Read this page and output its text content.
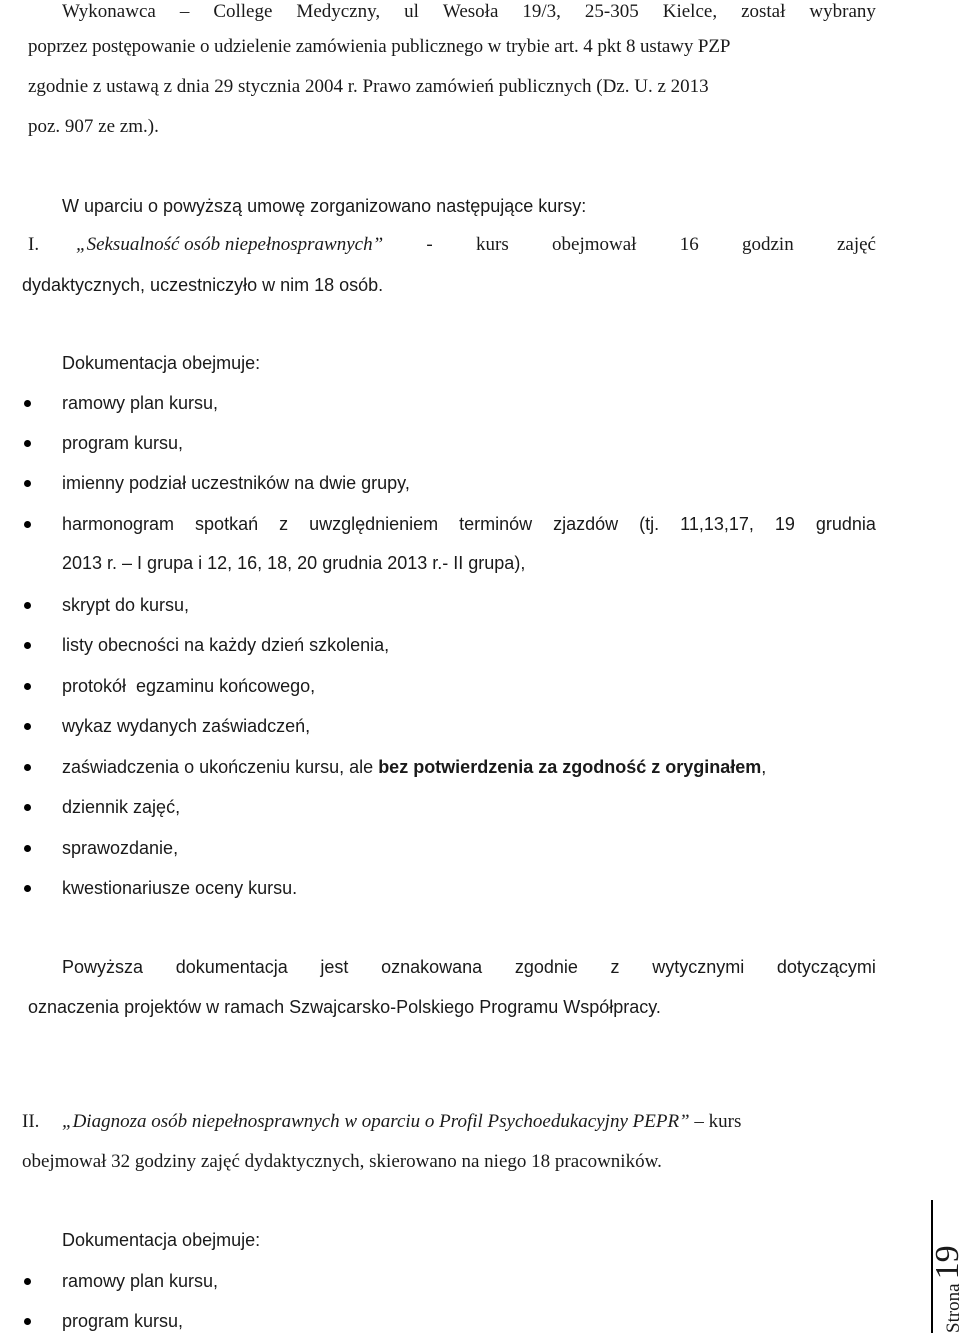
Wykonawca – College Medyczny, ul Wesoła 19/3, 25-305 Kielce, został wybrany
poprzez postępowanie o udzielenie zamówienia publicznego w trybie art. 4 pkt 8 ustawy PZP
zgodnie z ustawą z dnia 29 stycznia 2004 r. Prawo zamówień publicznych (Dz. U. z 2013
poz. 907 ze zm.).
W uparciu o powyższą umowę zorganizowano następujące kursy:
I. „Seksualność osób niepełnosprawnych” - kurs obejmował 16 godzin zajęć
dydaktycznych, uczestniczyło w nim 18 osób.
Dokumentacja obejmuje:
ramowy plan kursu,
program kursu,
imienny podział uczestników na dwie grupy,
harmonogram spotkań z uwzględnieniem terminów zjazdów (tj. 11,13,17, 19 grudnia
2013 r. – I grupa i 12, 16, 18, 20 grudnia 2013 r.- II grupa),
skrypt do kursu,
listy obecności na każdy dzień szkolenia,
protokół  egzaminu końcowego,
wykaz wydanych zaświadczeń,
zaświadczenia o ukończeniu kursu, ale bez potwierdzenia za zgodność z oryginałem,
dziennik zajęć,
sprawozdanie,
kwestionariusze oceny kursu.
Powyższa dokumentacja jest oznakowana zgodnie z wytycznymi dotyczącymi
oznaczenia projektów w ramach Szwajcarsko-Polskiego Programu Współpracy.
II. „Diagnoza osób niepełnosprawnych w oparciu o Profil Psychoedukacyjny PEPR” – kurs
obejmował 32 godziny zajęć dydaktycznych, skierowano na niego 18 pracowników.
Dokumentacja obejmuje:
ramowy plan kursu,
program kursu,	Strona
19
